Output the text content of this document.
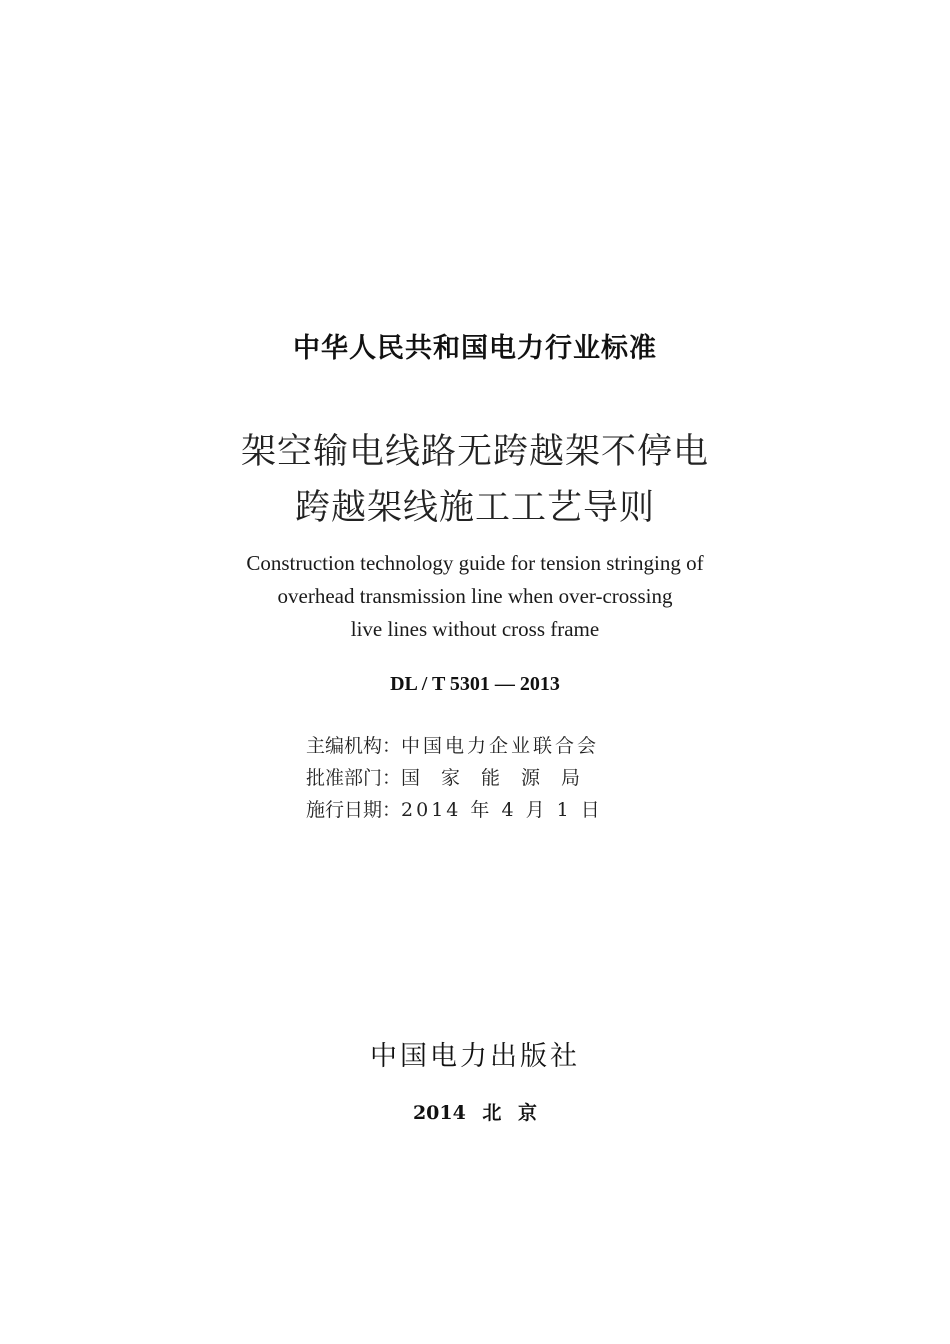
中华人民共和国电力行业标准
架空输电线路无跨越架不停电
跨越架线施工工艺导则
Construction technology guide for tension stringing of
overhead transmission line when over-crossing
live lines without cross frame
DL / T 5301 — 2013
主编机构：中国电力企业联合会
批准部门：国家能源局
施行日期：2014 年 4 月 1 日
中国电力出版社
2014 北 京
